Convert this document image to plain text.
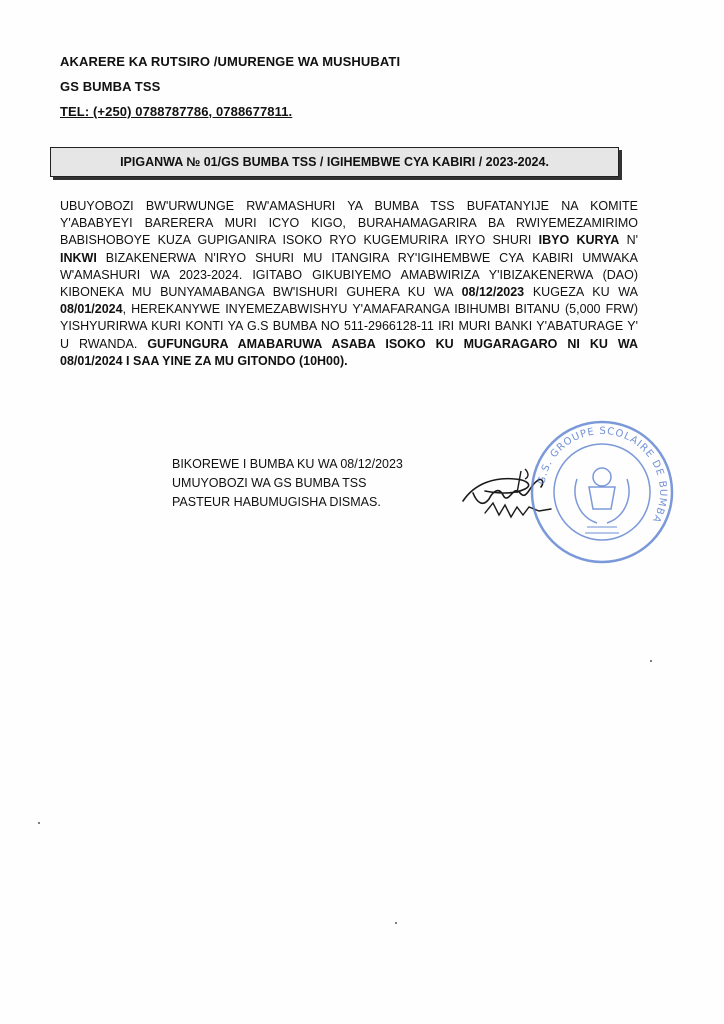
AKARERE KA RUTSIRO /UMURENGE WA MUSHUBATI
GS BUMBA TSS
TEL: (+250) 0788787786, 0788677811.
IPIGANWA № 01/GS BUMBA TSS / IGIHEMBWE CYA KABIRI / 2023-2024.
UBUYOBOZI BW'URWUNGE RW'AMASHURI YA BUMBA TSS BUFATANYIJE NA KOMITE Y'ABABYEYI BARERERA MURI ICYO KIGO, BURAHAMAGARIRA BA RWIYEMEZAMIRIMO BABISHOBOYE KUZA GUPIGANIRA ISOKO RYO KUGEMURIRA IRYO SHURI IBYO KURYA N' INKWI BIZAKENERWA N'IRYO SHURI MU ITANGIRA RY'IGIHEMBWE CYA KABIRI UMWAKA W'AMASHURI WA 2023-2024. IGITABO GIKUBIYEMO AMABWIRIZA Y'IBIZAKENERWA (DAO) KIBONEKA MU BUNYAMABANGA BW'ISHURI GUHERA KU WA 08/12/2023 KUGEZA KU WA 08/01/2024, HEREKANYWE INYEMEZABWISHYU Y'AMAFARANGA IBIHUMBI BITANU (5,000 FRW) YISHYURIRWA KURI KONTI YA G.S BUMBA NO 511-2966128-11 IRI MURI BANKI Y'ABATURAGE Y' U RWANDA. GUFUNGURA AMABARUWA ASABA ISOKO KU MUGARAGARO NI KU WA 08/01/2024 I SAA YINE ZA MU GITONDO (10H00).
BIKOREWE I BUMBA KU WA 08/12/2023
UMUYOBOZI WA GS BUMBA TSS
PASTEUR HABUMUGISHA DISMAS.
G.S. GROUPE SCOLAIRE DE BUMBA
